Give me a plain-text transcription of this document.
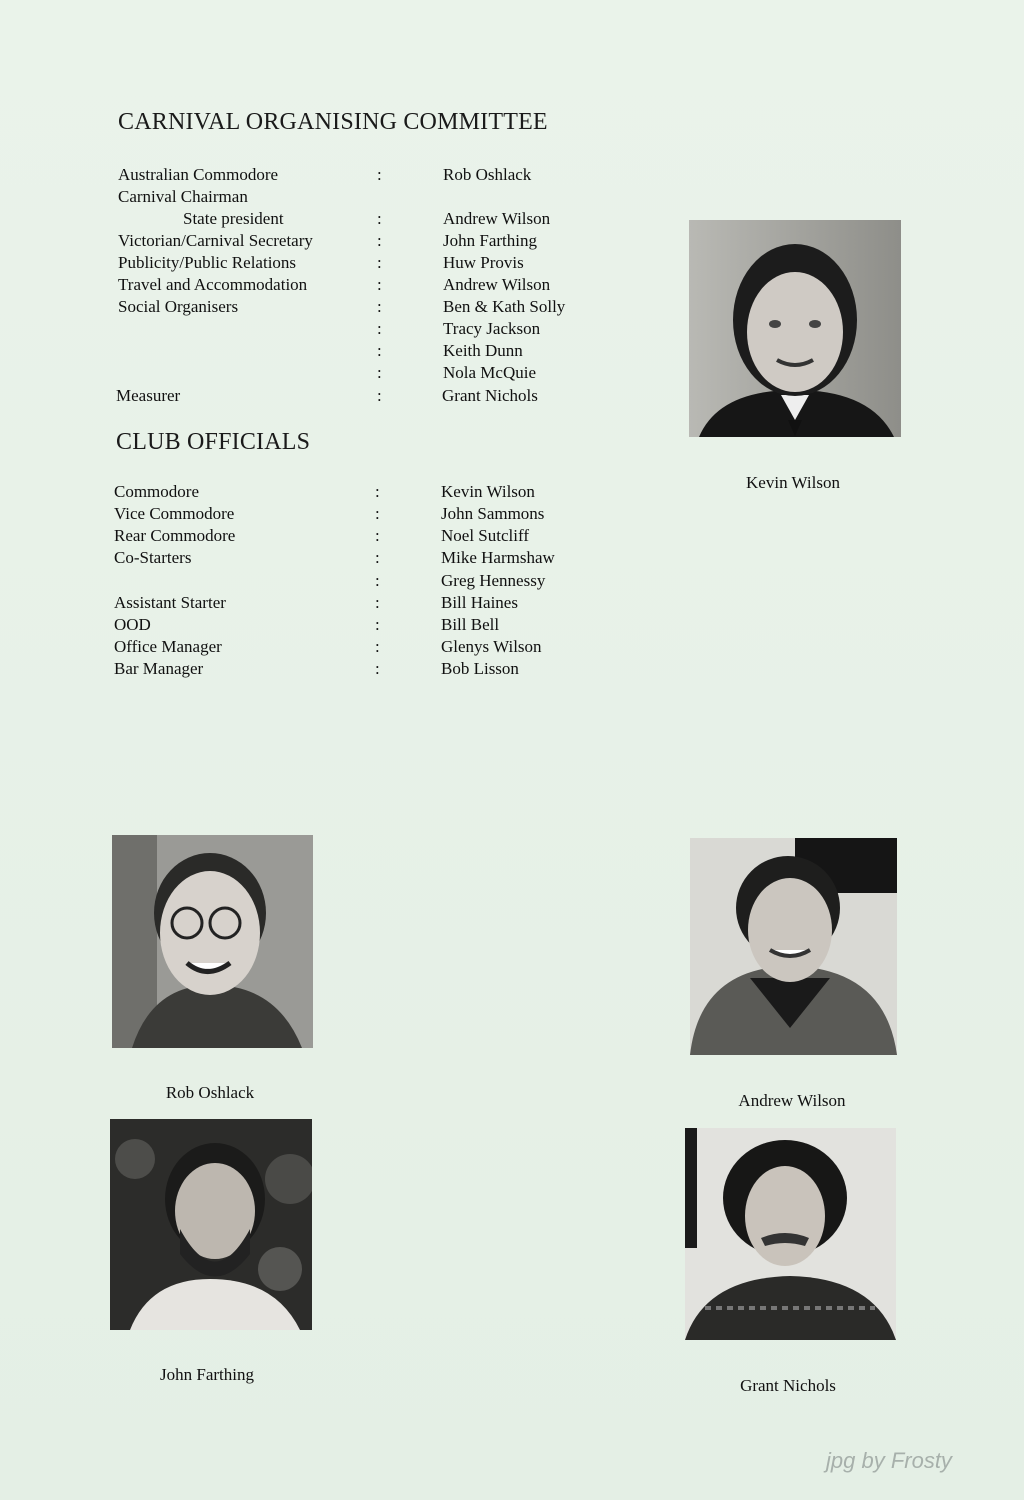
CARNIVAL ORGANISING COMMITTEE
Australian Commodore	:	Rob Oshlack
Carnival Chairman
State president	:	Andrew Wilson
Victorian/Carnival Secretary	:	John Farthing
Publicity/Public Relations	:	Huw Provis
Travel and Accommodation	:	Andrew Wilson
Social Organisers	:	Ben & Kath Solly
:	Tracy Jackson
:	Keith Dunn
:	Nola McQuie
Measurer	:	Grant Nichols
CLUB OFFICIALS
Commodore	:	Kevin Wilson
Vice Commodore	:	John Sammons
Rear Commodore	:	Noel Sutcliff
Co-Starters	:	Mike Harmshaw
:	Greg Hennessy
Assistant Starter	:	Bill Haines
OOD	:	Bill Bell
Office Manager	:	Glenys Wilson
Bar Manager	:	Bob Lisson
Kevin Wilson
Rob Oshlack	Andrew Wilson
John Farthing
Grant Nichols
jpg by Frosty
